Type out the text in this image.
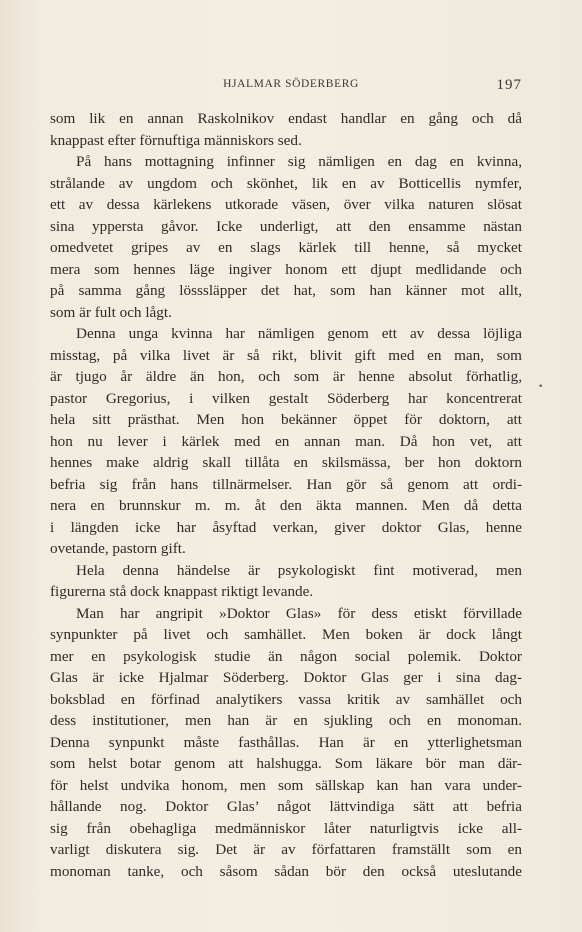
HJALMAR SÖDERBERG	197
som lik en annan Raskolnikov endast handlar en gång och då
knappast efter förnuftiga människors sed.
På hans mottagning infinner sig nämligen en dag en kvinna,
strålande av ungdom och skönhet, lik en av Botticellis nymfer,
ett av dessa kärlekens utkorade väsen, över vilka naturen slösat
sina yppersta gåvor. Icke underligt, att den ensamme nästan
omedvetet gripes av en slags kärlek till henne, så mycket
mera som hennes läge ingiver honom ett djupt medlidande och
på samma gång lösssläpper det hat, som han känner mot allt,
som är fult och lågt.
Denna unga kvinna har nämligen genom ett av dessa löjliga
misstag, på vilka livet är så rikt, blivit gift med en man, som
är tjugo år äldre än hon, och som är henne absolut förhatlig,
pastor Gregorius, i vilken gestalt Söderberg har koncentrerat
hela sitt prästhat. Men hon bekänner öppet för doktorn, att
hon nu lever i kärlek med en annan man. Då hon vet, att
hennes make aldrig skall tillåta en skilsmässa, ber hon doktorn
befria sig från hans tillnärmelser. Han gör så genom att ordi-
nera en brunnskur m. m. åt den äkta mannen. Men då detta
i längden icke har åsyftad verkan, giver doktor Glas, henne
ovetande, pastorn gift.
Hela denna händelse är psykologiskt fint motiverad, men
figurerna stå dock knappast riktigt levande.
Man har angripit »Doktor Glas» för dess etiskt förvillade
synpunkter på livet och samhället. Men boken är dock långt
mer en psykologisk studie än någon social polemik. Doktor
Glas är icke Hjalmar Söderberg. Doktor Glas ger i sina dag-
boksblad en förfinad analytikers vassa kritik av samhället och
dess institutioner, men han är en sjukling och en monoman.
Denna synpunkt måste fasthållas. Han är en ytterlighetsman
som helst botar genom att halshugga. Som läkare bör man där-
för helst undvika honom, men som sällskap kan han vara under-
hållande nog. Doktor Glas’ något lättvindiga sätt att befria
sig från obehagliga medmänniskor låter naturligtvis icke all-
varligt diskutera sig. Det är av författaren framställt som en
monoman tanke, och såsom sådan bör den också uteslutande
•
